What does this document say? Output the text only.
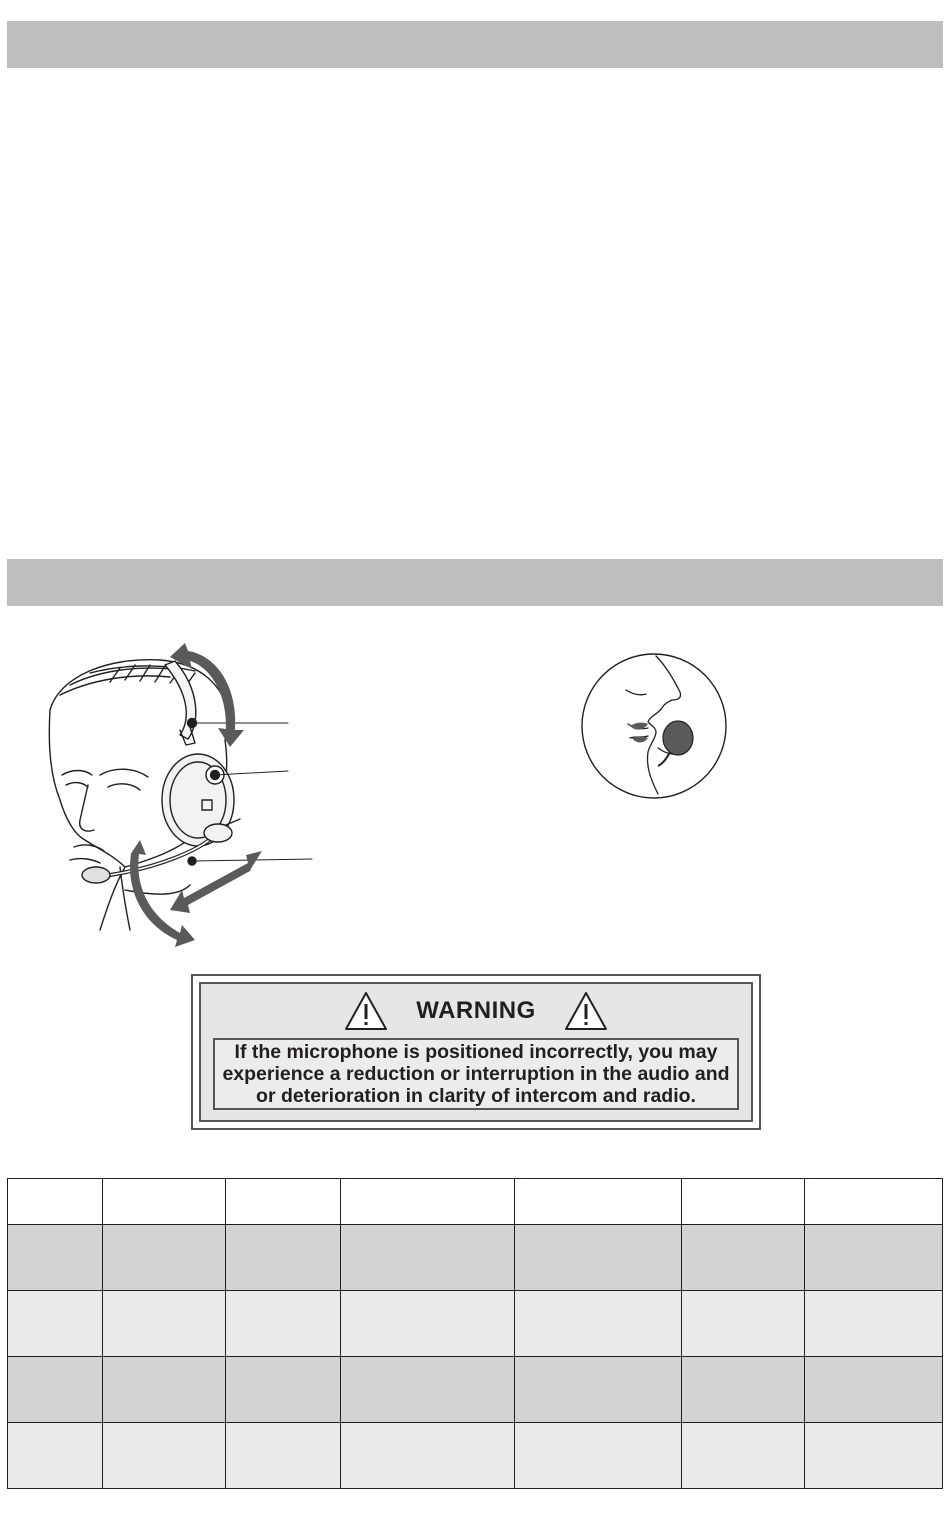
WARNING
If the microphone is positioned incorrectly, you may experience a reduction or interruption in the audio and or deterioration in clarity of intercom and radio.
